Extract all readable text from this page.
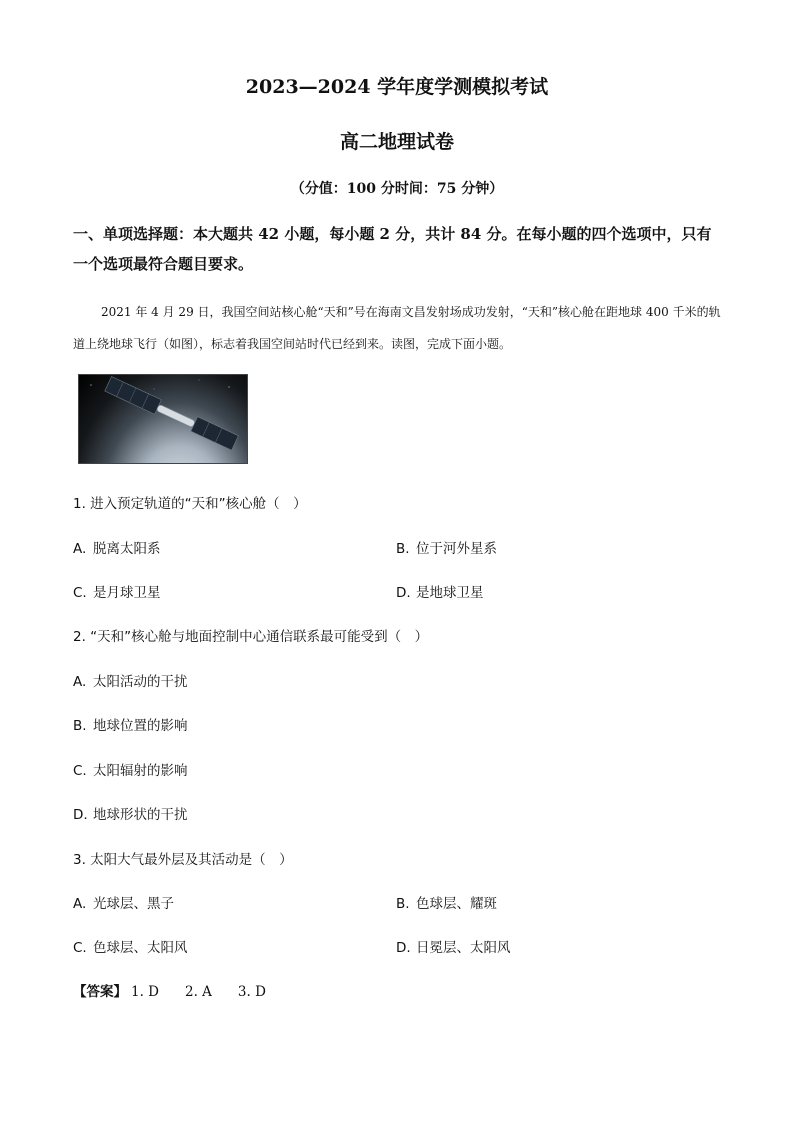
2023—2024 学年度学测模拟考试
高二地理试卷
（分值：100 分时间：75 分钟）
一、单项选择题：本大题共 42 小题，每小题 2 分，共计 84 分。在每小题的四个选项中，只有一个选项最符合题目要求。
2021 年 4 月 29 日，我国空间站核心舱“天和”号在海南文昌发射场成功发射，“天和”核心舱在距地球 400 千米的轨道上绕地球飞行（如图），标志着我国空间站时代已经到来。读图，完成下面小题。
1. 进入预定轨道的“天和”核心舱（　）
A. 脱离太阳系	B. 位于河外星系
C. 是月球卫星	D. 是地球卫星
2. “天和”核心舱与地面控制中心通信联系最可能受到（　）
A. 太阳活动的干扰
B. 地球位置的影响
C. 太阳辐射的影响
D. 地球形状的干扰
3. 太阳大气最外层及其活动是（　）
A. 光球层、黑子	B. 色球层、耀斑
C. 色球层、太阳风	D. 日冕层、太阳风
【答案】 1. D 2. A 3. D
